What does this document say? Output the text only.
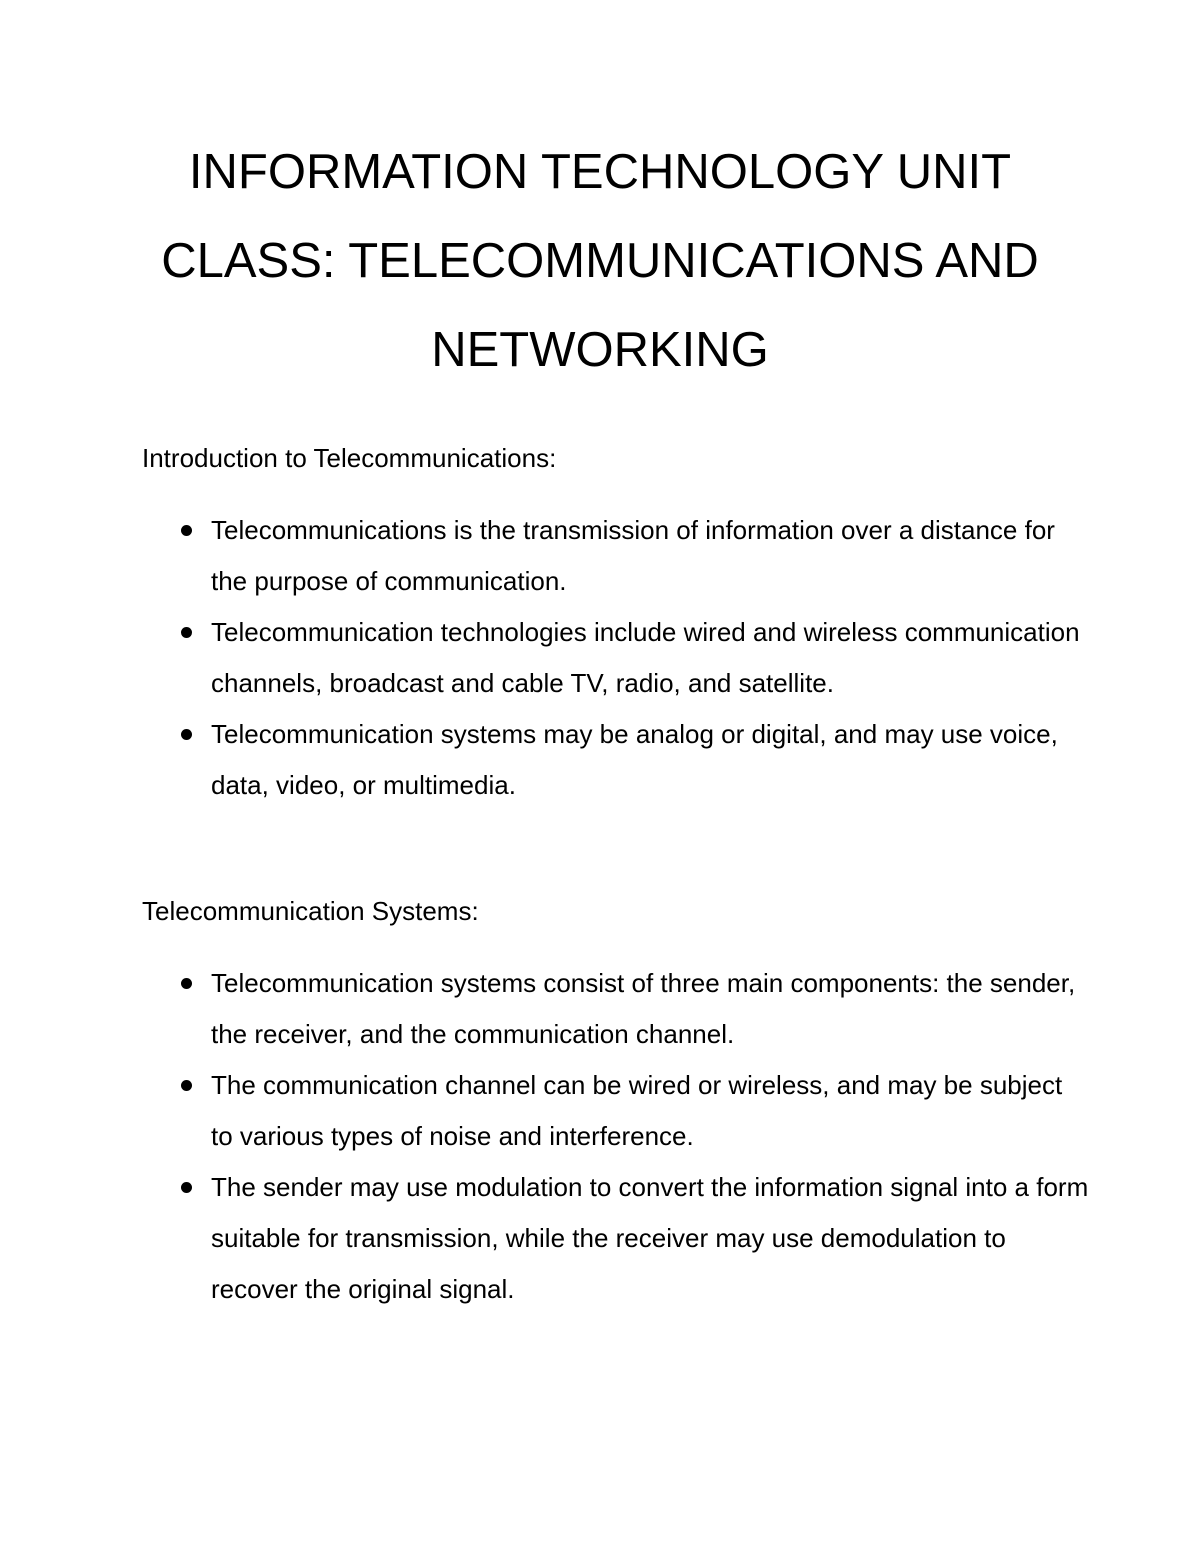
INFORMATION TECHNOLOGY UNIT
CLASS: TELECOMMUNICATIONS AND
NETWORKING
Introduction to Telecommunications:
Telecommunications is the transmission of information over a distance for the purpose of communication.
Telecommunication technologies include wired and wireless communication channels, broadcast and cable TV, radio, and satellite.
Telecommunication systems may be analog or digital, and may use voice, data, video, or multimedia.
Telecommunication Systems:
Telecommunication systems consist of three main components: the sender, the receiver, and the communication channel.
The communication channel can be wired or wireless, and may be subject to various types of noise and interference.
The sender may use modulation to convert the information signal into a form suitable for transmission, while the receiver may use demodulation to recover the original signal.
